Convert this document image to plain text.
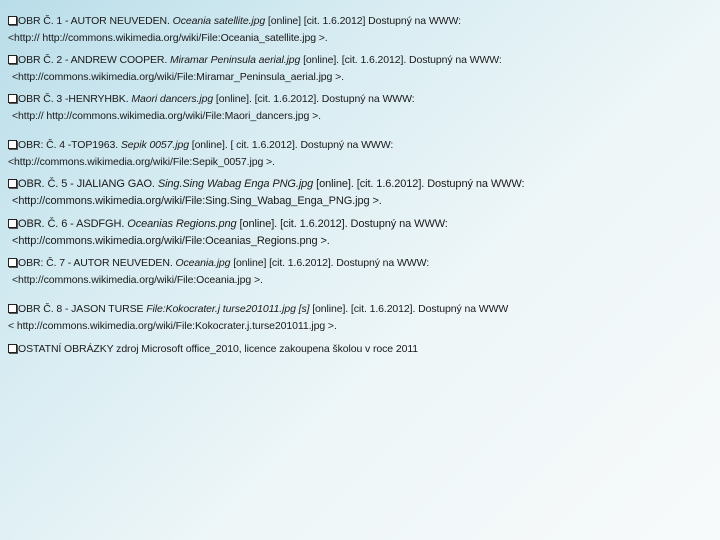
OBR Č. 1 - AUTOR NEUVEDEN. Oceania satellite.jpg [online] [cit. 1.6.2012] Dostupný na WWW:
<http:// http://commons.wikimedia.org/wiki/File:Oceania_satellite.jpg >.
OBR Č. 2 - ANDREW COOPER. Miramar Peninsula aerial.jpg [online]. [cit. 1.6.2012]. Dostupný na WWW:
<http://commons.wikimedia.org/wiki/File:Miramar_Peninsula_aerial.jpg >.
OBR Č. 3 -HENRYHBK. Maori dancers.jpg [online]. [cit. 1.6.2012]. Dostupný na WWW:
<http:// http://commons.wikimedia.org/wiki/File:Maori_dancers.jpg >.
OBR: Č. 4 -TOP1963. Sepik 0057.jpg [online]. [ cit. 1.6.2012]. Dostupný na WWW:
<http://commons.wikimedia.org/wiki/File:Sepik_0057.jpg >.
OBR. Č. 5 - JIALIANG GAO. Sing.Sing Wabag Enga PNG.jpg [online]. [cit. 1.6.2012]. Dostupný na WWW:
<http://commons.wikimedia.org/wiki/File:Sing.Sing_Wabag_Enga_PNG.jpg >.
OBR. Č. 6 - ASDFGH. Oceanias Regions.png [online]. [cit. 1.6.2012]. Dostupný na WWW:
<http://commons.wikimedia.org/wiki/File:Oceanias_Regions.png >.
OBR: Č. 7 - AUTOR NEUVEDEN. Oceania.jpg [online] [cit. 1.6.2012]. Dostupný na WWW:
<http://commons.wikimedia.org/wiki/File:Oceania.jpg >.
OBR Č. 8 - JASON TURSE File:Kokocrater.j turse201011.jpg [s] [online]. [cit. 1.6.2012]. Dostupný na WWW
< http://commons.wikimedia.org/wiki/File:Kokocrater.j.turse201011.jpg >.
OSTATNÍ OBRÁZKY zdroj Microsoft office_2010, licence zakoupena školou v roce 2011
